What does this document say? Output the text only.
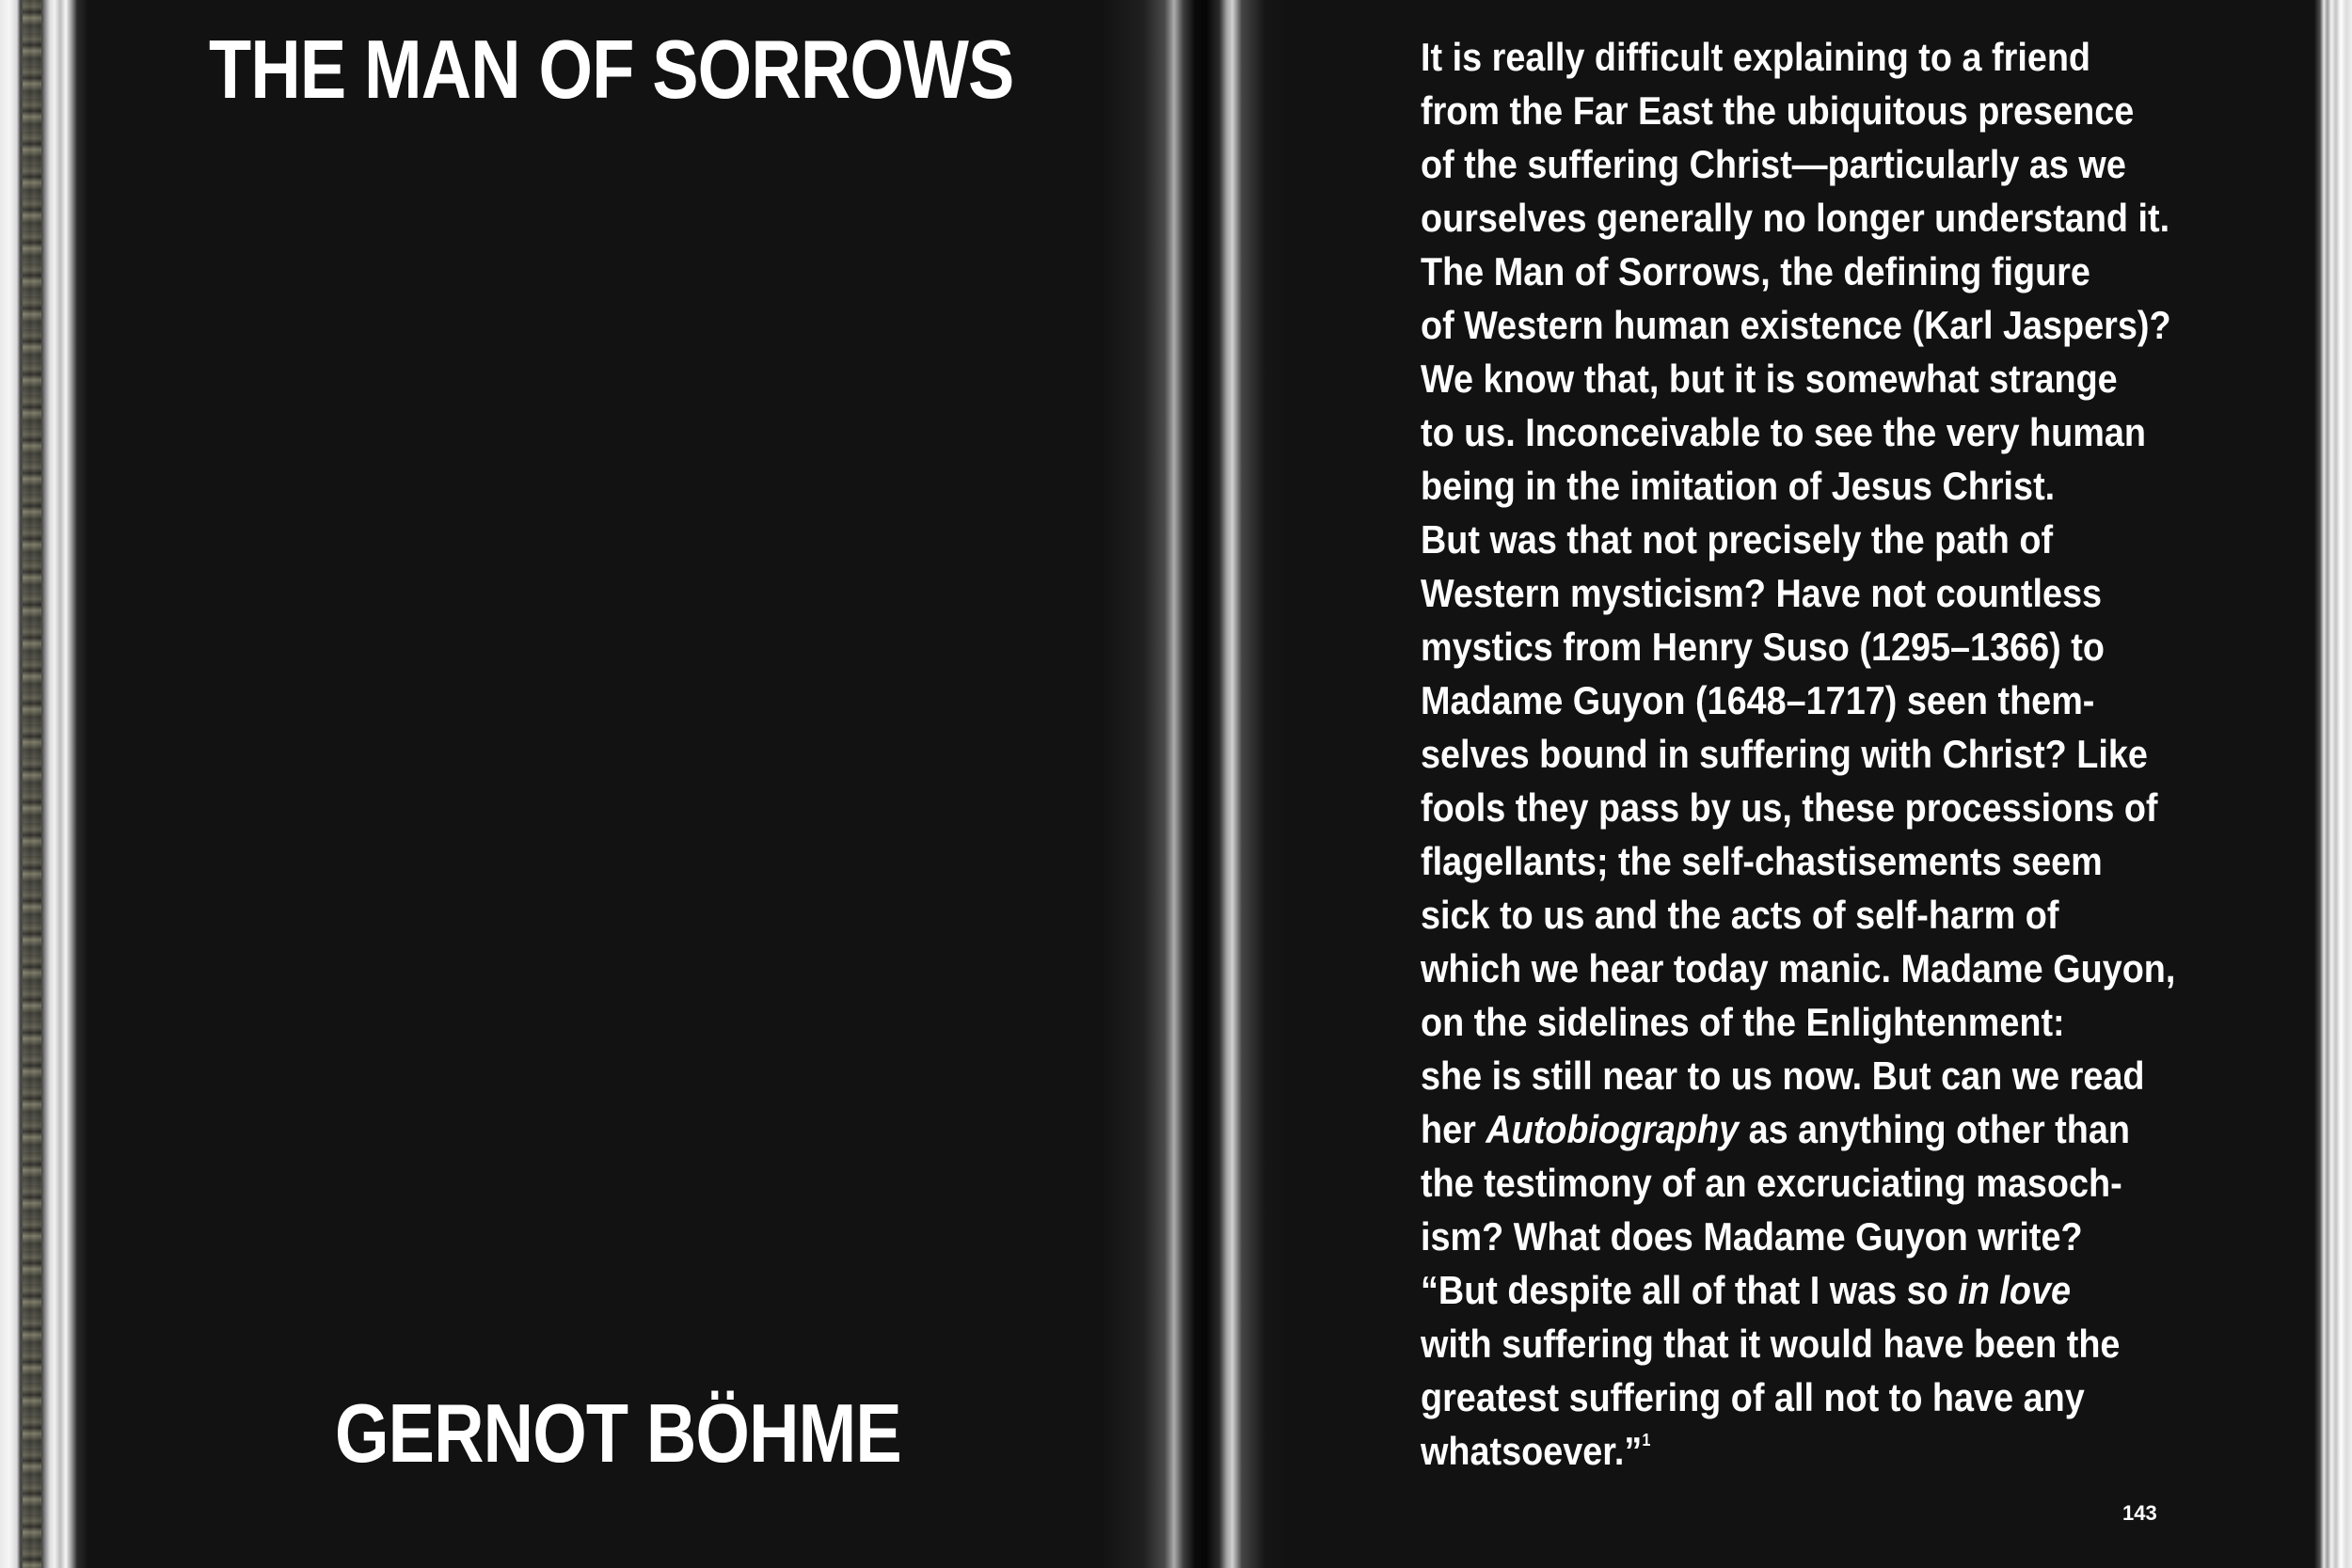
THE MAN OF SORROWS
GERNOT BÖHME
It is really difficult explaining to a friend
from the Far East the ubiquitous presence
of the suffering Christ—particularly as we
ourselves generally no longer understand it.
The Man of Sorrows, the defining figure
of Western human existence (Karl Jaspers)?
We know that, but it is somewhat strange
to us. Inconceivable to see the very human
being in the imitation of Jesus Christ.
But was that not precisely the path of
Western mysticism? Have not countless
mystics from Henry Suso (1295–1366) to
Madame Guyon (1648–1717) seen them-
selves bound in suffering with Christ? Like
fools they pass by us, these processions of
flagellants; the self-chastisements seem
sick to us and the acts of self-harm of
which we hear today manic. Madame Guyon,
on the sidelines of the Enlightenment:
she is still near to us now. But can we read
her Autobiography as anything other than
the testimony of an excruciating masoch-
ism? What does Madame Guyon write?
“But despite all of that I was so in love
with suffering that it would have been the
greatest suffering of all not to have any
whatsoever.”$^1$
143
